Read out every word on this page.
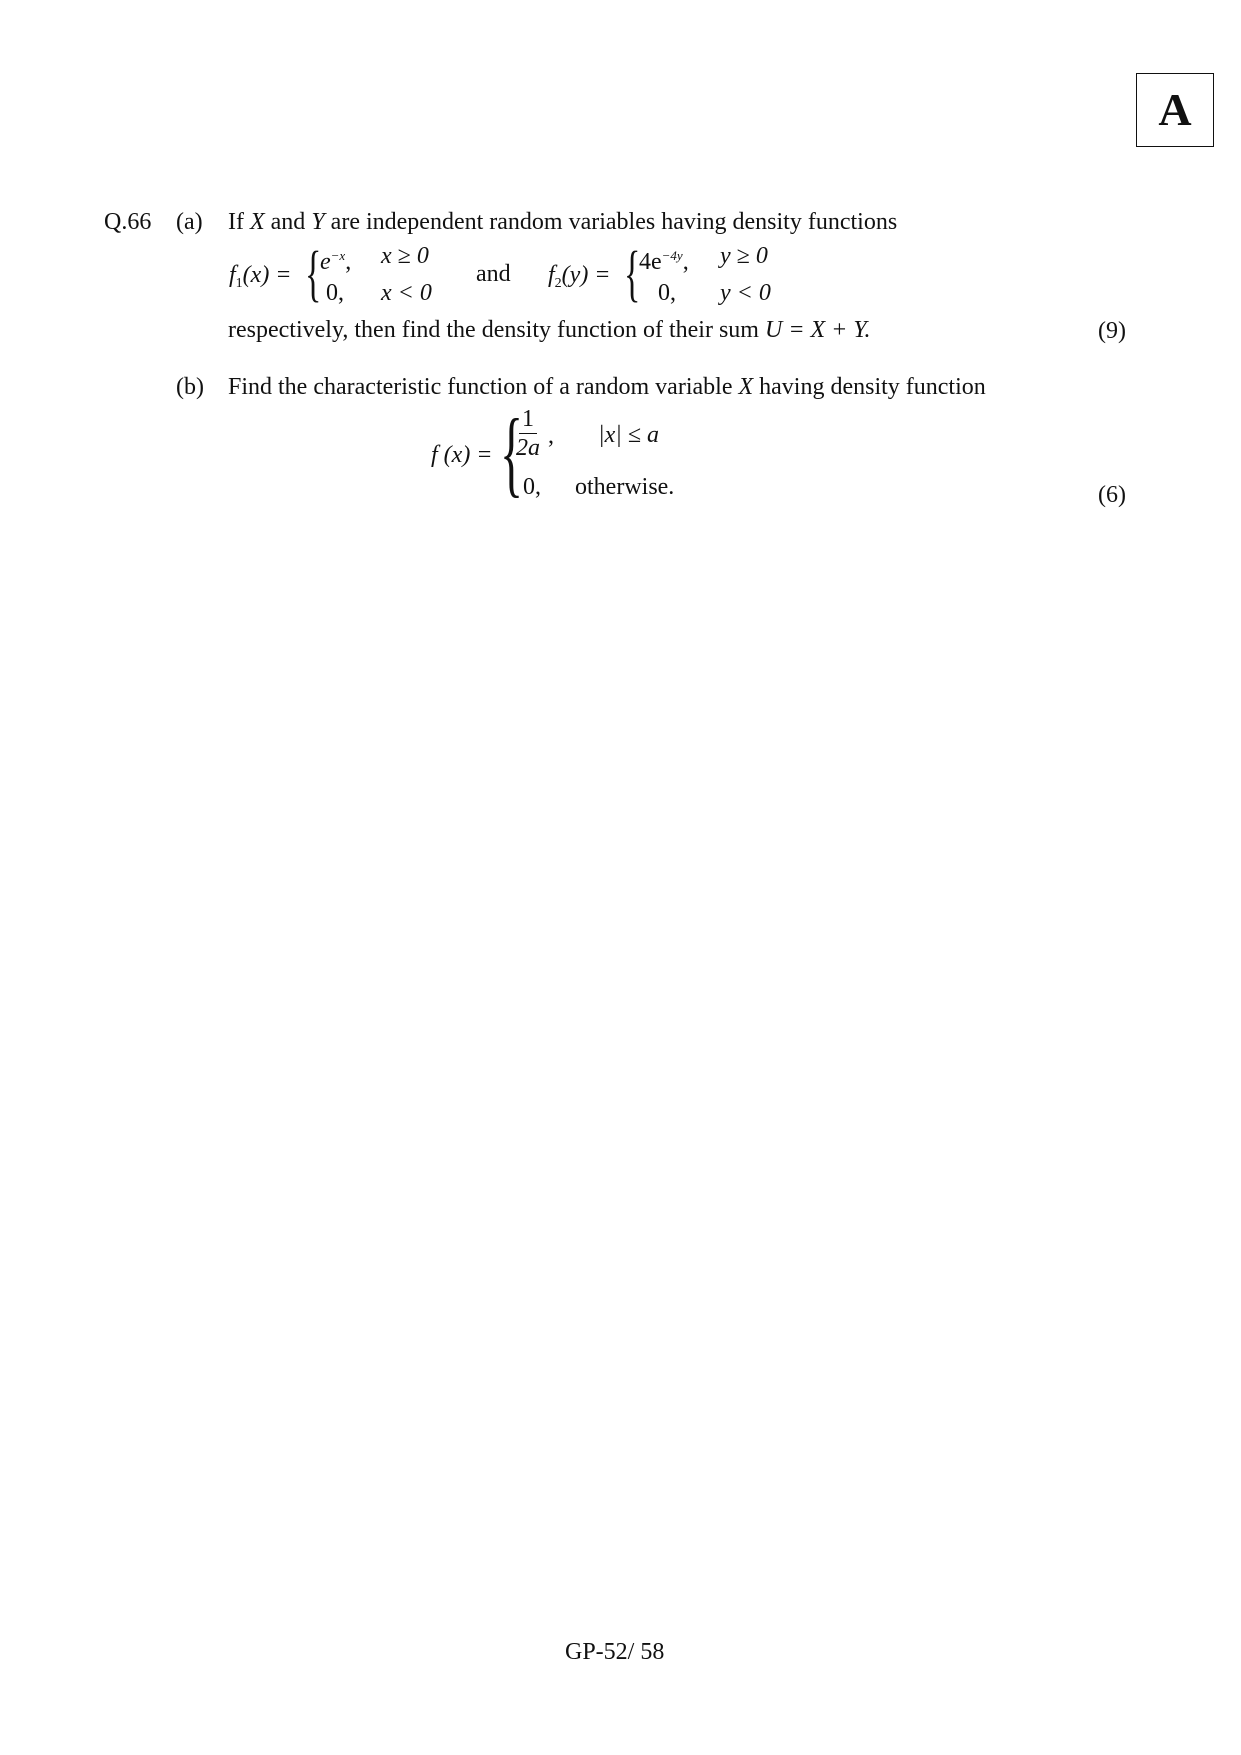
A
Q.66 (a) If X and Y are independent random variables having density functions
$f_1(x)$ = {
$e^{-x}$, x ≥ 0
0, x < 0
and $f_2(y)$ = {
$4e^{-4y}$, y ≥ 0
0, y < 0
respectively, then find the density function of their sum U = X + Y.	(9)
(b) Find the characteristic function of a random variable X having density function
f (x) = {
$\frac{1}{2a}$ , |x| ≤ a
0, otherwise.	(6)
GP-52/ 58
